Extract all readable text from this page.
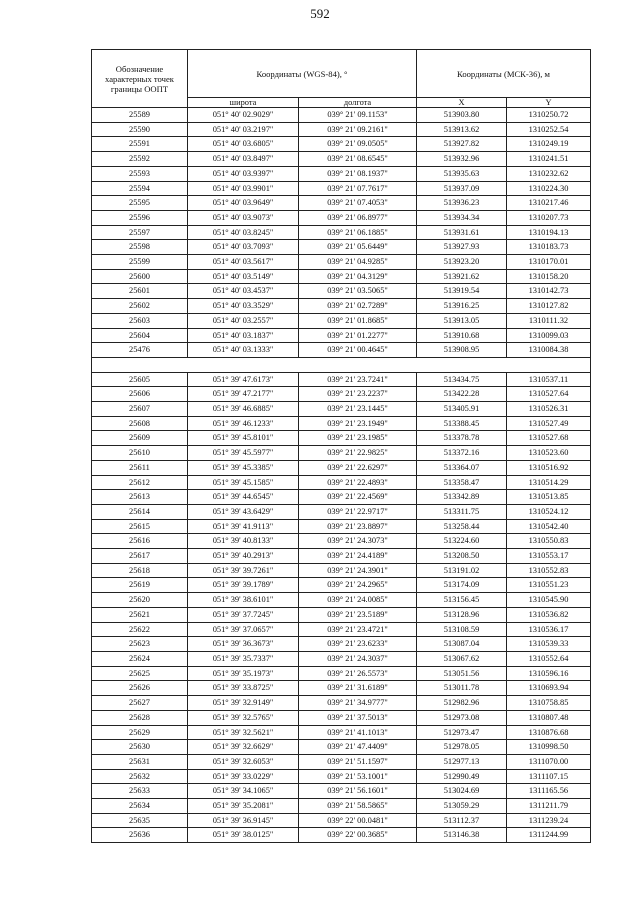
592
Обозначение характерных точек границы ООПТ	Координаты (WGS-84), °		Координаты (МСК-36), м	
	широта	долгота	X	Y
25589	051° 40' 02.9029"	039° 21' 09.1153"	513903.80	1310250.72
25590	051° 40' 03.2197"	039° 21' 09.2161"	513913.62	1310252.54
25591	051° 40' 03.6805"	039° 21' 09.0505"	513927.82	1310249.19
25592	051° 40' 03.8497"	039° 21' 08.6545"	513932.96	1310241.51
25593	051° 40' 03.9397"	039° 21' 08.1937"	513935.63	1310232.62
25594	051° 40' 03.9901"	039° 21' 07.7617"	513937.09	1310224.30
25595	051° 40' 03.9649"	039° 21' 07.4053"	513936.23	1310217.46
25596	051° 40' 03.9073"	039° 21' 06.8977"	513934.34	1310207.73
25597	051° 40' 03.8245"	039° 21' 06.1885"	513931.61	1310194.13
25598	051° 40' 03.7093"	039° 21' 05.6449"	513927.93	1310183.73
25599	051° 40' 03.5617"	039° 21' 04.9285"	513923.20	1310170.01
25600	051° 40' 03.5149"	039° 21' 04.3129"	513921.62	1310158.20
25601	051° 40' 03.4537"	039° 21' 03.5065"	513919.54	1310142.73
25602	051° 40' 03.3529"	039° 21' 02.7289"	513916.25	1310127.82
25603	051° 40' 03.2557"	039° 21' 01.8685"	513913.05	1310111.32
25604	051° 40' 03.1837"	039° 21' 01.2277"	513910.68	1310099.03
25476	051° 40' 03.1333"	039° 21' 00.4645"	513908.95	1310084.38

25605	051° 39' 47.6173"	039° 21' 23.7241"	513434.75	1310537.11
25606	051° 39' 47.2177"	039° 21' 23.2237"	513422.28	1310527.64
25607	051° 39' 46.6885"	039° 21' 23.1445"	513405.91	1310526.31
25608	051° 39' 46.1233"	039° 21' 23.1949"	513388.45	1310527.49
25609	051° 39' 45.8101"	039° 21' 23.1985"	513378.78	1310527.68
25610	051° 39' 45.5977"	039° 21' 22.9825"	513372.16	1310523.60
25611	051° 39' 45.3385"	039° 21' 22.6297"	513364.07	1310516.92
25612	051° 39' 45.1585"	039° 21' 22.4893"	513358.47	1310514.29
25613	051° 39' 44.6545"	039° 21' 22.4569"	513342.89	1310513.85
25614	051° 39' 43.6429"	039° 21' 22.9717"	513311.75	1310524.12
25615	051° 39' 41.9113"	039° 21' 23.8897"	513258.44	1310542.40
25616	051° 39' 40.8133"	039° 21' 24.3073"	513224.60	1310550.83
25617	051° 39' 40.2913"	039° 21' 24.4189"	513208.50	1310553.17
25618	051° 39' 39.7261"	039° 21' 24.3901"	513191.02	1310552.83
25619	051° 39' 39.1789"	039° 21' 24.2965"	513174.09	1310551.23
25620	051° 39' 38.6101"	039° 21' 24.0085"	513156.45	1310545.90
25621	051° 39' 37.7245"	039° 21' 23.5189"	513128.96	1310536.82
25622	051° 39' 37.0657"	039° 21' 23.4721"	513108.59	1310536.17
25623	051° 39' 36.3673"	039° 21' 23.6233"	513087.04	1310539.33
25624	051° 39' 35.7337"	039° 21' 24.3037"	513067.62	1310552.64
25625	051° 39' 35.1973"	039° 21' 26.5573"	513051.56	1310596.16
25626	051° 39' 33.8725"	039° 21' 31.6189"	513011.78	1310693.94
25627	051° 39' 32.9149"	039° 21' 34.9777"	512982.96	1310758.85
25628	051° 39' 32.5765"	039° 21' 37.5013"	512973.08	1310807.48
25629	051° 39' 32.5621"	039° 21' 41.1013"	512973.47	1310876.68
25630	051° 39' 32.6629"	039° 21' 47.4409"	512978.05	1310998.50
25631	051° 39' 32.6053"	039° 21' 51.1597"	512977.13	1311070.00
25632	051° 39' 33.0229"	039° 21' 53.1001"	512990.49	1311107.15
25633	051° 39' 34.1065"	039° 21' 56.1601"	513024.69	1311165.56
25634	051° 39' 35.2081"	039° 21' 58.5865"	513059.29	1311211.79
25635	051° 39' 36.9145"	039° 22' 00.0481"	513112.37	1311239.24
25636	051° 39' 38.0125"	039° 22' 00.3685"	513146.38	1311244.99
